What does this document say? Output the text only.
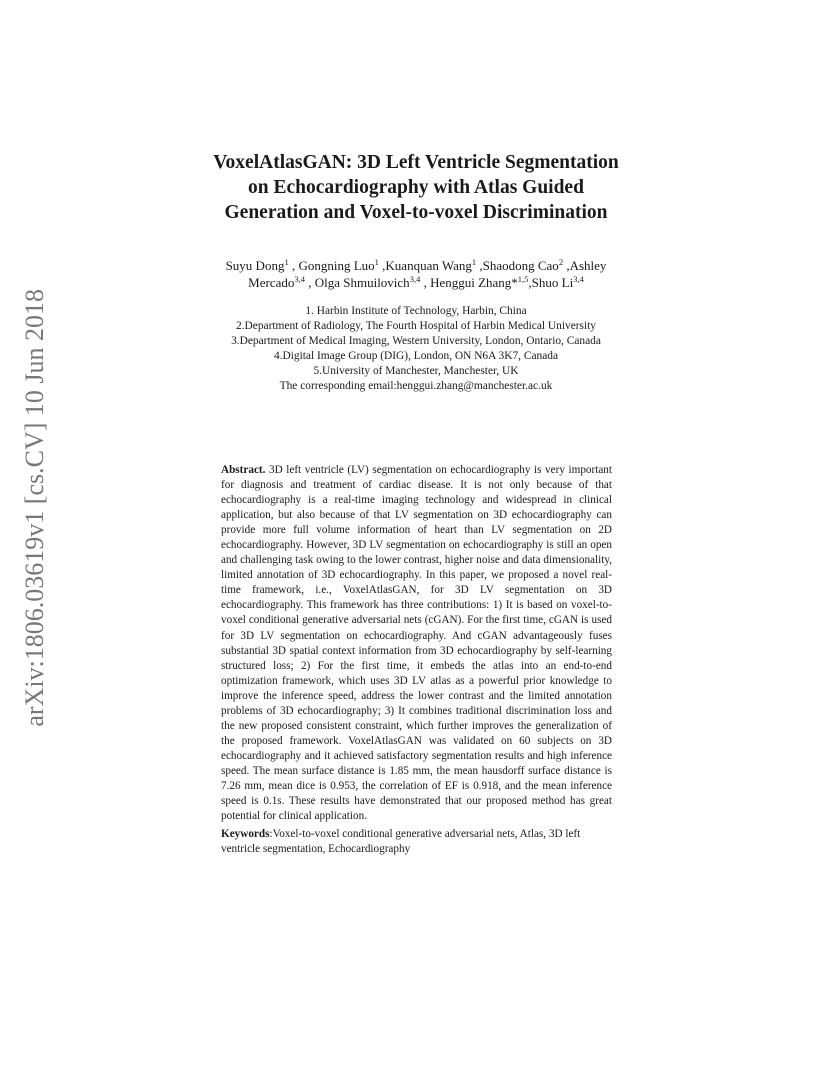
arXiv:1806.03619v1 [cs.CV] 10 Jun 2018
VoxelAtlasGAN: 3D Left Ventricle Segmentation
on Echocardiography with Atlas Guided
Generation and Voxel-to-voxel Discrimination
Suyu Dong$^1$ , Gongning Luo$^1$ ,Kuanquan Wang$^1$ ,Shaodong Cao$^2$ ,Ashley
Mercado$^{3,4}$ , Olga Shmuilovich$^{3,4}$ , Henggui Zhang*$^{1,5}$,Shuo Li$^{3,4}$
1. Harbin Institute of Technology, Harbin, China
2.Department of Radiology, The Fourth Hospital of Harbin Medical University
3.Department of Medical Imaging, Western University, London, Ontario, Canada
4.Digital Image Group (DIG), London, ON N6A 3K7, Canada
5.University of Manchester, Manchester, UK
The corresponding email:henggui.zhang@manchester.ac.uk

Abstract. 3D left ventricle (LV) segmentation on echocardiography is very important for diagnosis and treatment of cardiac disease. It is not only because of that echocardiography is a real-time imaging technology and widespread in clinical application, but also because of that LV segmentation on 3D echocardiography can provide more full volume information of heart than LV segmentation on 2D echocardiography. However, 3D LV segmentation on echocardiography is still an open and challenging task owing to the lower contrast, higher noise and data dimensionality, limited annotation of 3D echocardiography. In this paper, we proposed a novel real-time framework, i.e., VoxelAtlasGAN, for 3D LV segmentation on 3D echocardiography. This framework has three contributions: 1) It is based on voxel-to-voxel conditional generative adversarial nets (cGAN). For the first time, cGAN is used for 3D LV segmentation on echocardiography. And cGAN advantageously fuses substantial 3D spatial context information from 3D echocardiography by self-learning structured loss; 2) For the first time, it embeds the atlas into an end-to-end optimization framework, which uses 3D LV atlas as a powerful prior knowledge to improve the inference speed, address the lower contrast and the limited annotation problems of 3D echocardiography; 3) It combines traditional discrimination loss and the new proposed consistent constraint, which further improves the generalization of the proposed framework. VoxelAtlasGAN was validated on 60 subjects on 3D echocardiography and it achieved satisfactory segmentation results and high inference speed. The mean surface distance is 1.85 mm, the mean hausdorff surface distance is 7.26 mm, mean dice is 0.953, the correlation of EF is 0.918, and the mean inference speed is 0.1s. These results have demonstrated that our proposed method has great potential for clinical application.

Keywords:Voxel-to-voxel conditional generative adversarial nets, Atlas, 3D left ventricle segmentation, Echocardiography
